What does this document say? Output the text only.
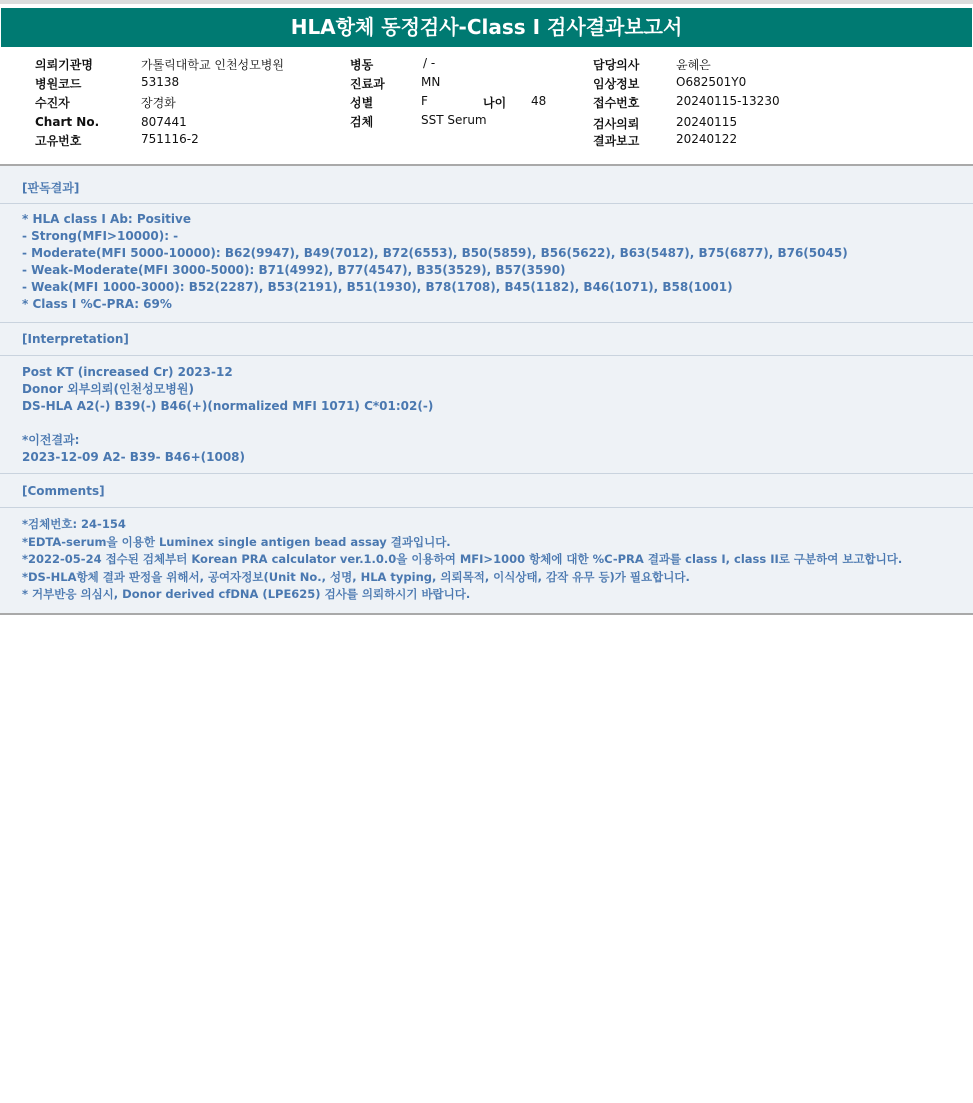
HLA항체 동정검사-Class I 검사결과보고서
의뢰기관명	가톨릭대학교 인천성모병원
병원코드	53138
수진자	장경화
Chart No.	807441
고유번호	751116-2
병동	/ -
진료과	MN
성별	F	나이 48
검체	SST Serum
담당의사	윤혜은
임상정보	O682501Y0
접수번호	20240115-13230
검사의뢰	20240115
결과보고	20240122
[판독결과]
* HLA class I Ab: Positive
- Strong(MFI>10000): -
- Moderate(MFI 5000-10000): B62(9947), B49(7012), B72(6553), B50(5859), B56(5622), B63(5487), B75(6877), B76(5045)
- Weak-Moderate(MFI 3000-5000): B71(4992), B77(4547), B35(3529), B57(3590)
- Weak(MFI 1000-3000): B52(2287), B53(2191), B51(1930), B78(1708), B45(1182), B46(1071), B58(1001)
* Class I %C-PRA: 69%
[Interpretation]
Post KT (increased Cr) 2023-12
Donor 외부의뢰(인천성모병원)
DS-HLA A2(-) B39(-) B46(+)(normalized MFI 1071) C*01:02(-)
*이전결과:
2023-12-09 A2- B39- B46+(1008)
[Comments]
*검체번호: 24-154
*EDTA-serum을 이용한 Luminex single antigen bead assay 결과입니다.
*2022-05-24 접수된 검체부터 Korean PRA calculator ver.1.0.0을 이용하여 MFI>1000 항체에 대한 %C-PRA 결과를 class I, class II로 구분하여 보고합니다.
*DS-HLA항체 결과 판정을 위해서, 공여자정보(Unit No., 성명, HLA typing, 의뢰목적, 이식상태, 감작 유무 등)가 필요합니다.
* 거부반응 의심시, Donor derived cfDNA (LPE625) 검사를 의뢰하시기 바랍니다.
